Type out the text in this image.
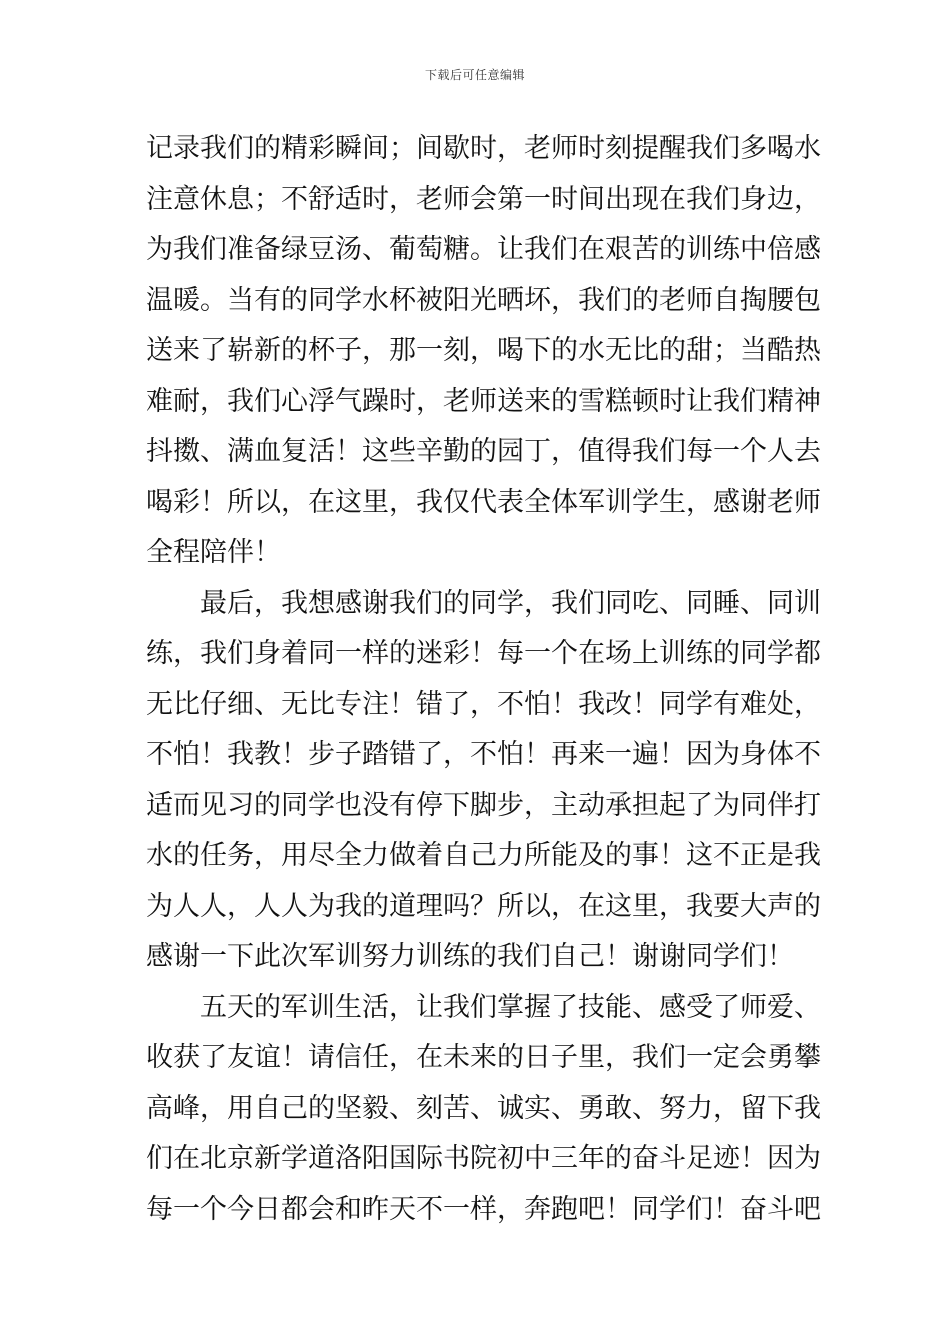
下载后可任意编辑
记录我们的精彩瞬间；间歇时，老师时刻提醒我们多喝水
注意休息；不舒适时，老师会第一时间出现在我们身边，
为我们准备绿豆汤、葡萄糖。让我们在艰苦的训练中倍感
温暖。当有的同学水杯被阳光晒坏，我们的老师自掏腰包
送来了崭新的杯子，那一刻，喝下的水无比的甜；当酷热
难耐，我们心浮气躁时，老师送来的雪糕顿时让我们精神
抖擞、满血复活！这些辛勤的园丁，值得我们每一个人去
喝彩！所以，在这里，我仅代表全体军训学生，感谢老师
全程陪伴！
最后，我想感谢我们的同学，我们同吃、同睡、同训
练，我们身着同一样的迷彩！每一个在场上训练的同学都
无比仔细、无比专注！错了，不怕！我改！同学有难处，
不怕！我教！步子踏错了，不怕！再来一遍！因为身体不
适而见习的同学也没有停下脚步，主动承担起了为同伴打
水的任务，用尽全力做着自己力所能及的事！这不正是我
为人人，人人为我的道理吗？所以，在这里，我要大声的
感谢一下此次军训努力训练的我们自己！谢谢同学们！
五天的军训生活，让我们掌握了技能、感受了师爱、
收获了友谊！请信任，在未来的日子里，我们一定会勇攀
高峰，用自己的坚毅、刻苦、诚实、勇敢、努力，留下我
们在北京新学道洛阳国际书院初中三年的奋斗足迹！因为
每一个今日都会和昨天不一样，奔跑吧！同学们！奋斗吧
